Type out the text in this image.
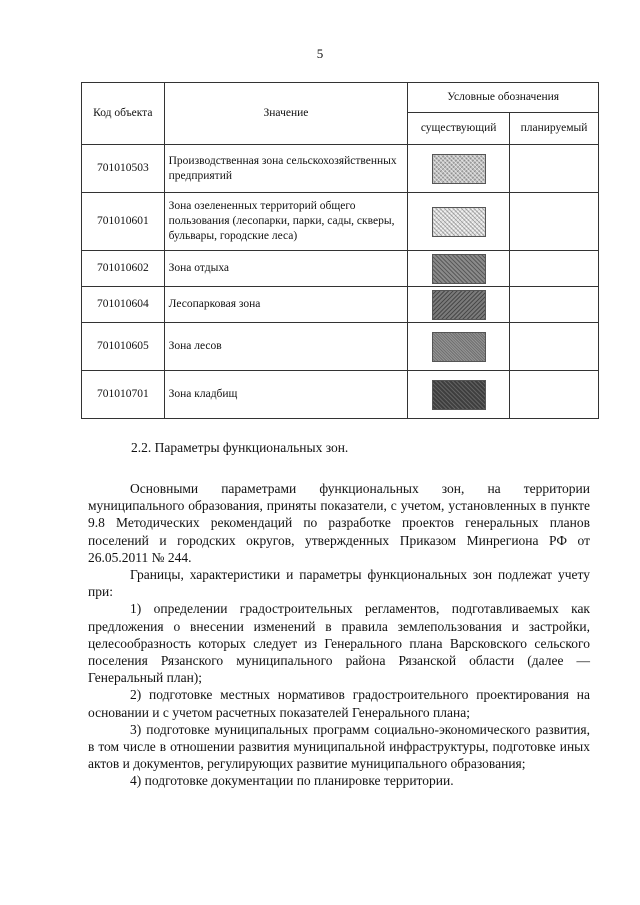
5
Код объекта	Значение	Условные обозначения	
		существующий	планируемый
701010503	Производственная зона сельскохозяйственных предприятий		
701010601	Зона озелененных территорий общего пользования (лесопарки, парки, сады, скверы, бульвары, городские леса)		
701010602	Зона отдыха		
701010604	Лесопарковая зона		
701010605	Зона лесов		
701010701	Зона кладбищ		
2.2. Параметры функциональных зон.

Основными параметрами функциональных зон, на территории муниципального образования, приняты показатели, с учетом, установленных в пункте 9.8 Методических рекомендаций по разработке проектов генеральных планов поселений и городских округов, утвержденных Приказом Минрегиона РФ от 26.05.2011 № 244.

Границы, характеристики и параметры функциональных зон подлежат учету при:

1) определении градостроительных регламентов, подготавливаемых как предложения о внесении изменений в правила землепользования и застройки, целесообразность которых следует из Генерального плана Варсковского сельского поселения Рязанского муниципального района Рязанской области (далее — Генеральный план);

2) подготовке местных нормативов градостроительного проектирования на основании и с учетом расчетных показателей Генерального плана;

3) подготовке муниципальных программ социально-экономического развития, в том числе в отношении развития муниципальной инфраструктуры, подготовке иных актов и документов, регулирующих развитие муниципального образования;

4) подготовке документации по планировке территории.
